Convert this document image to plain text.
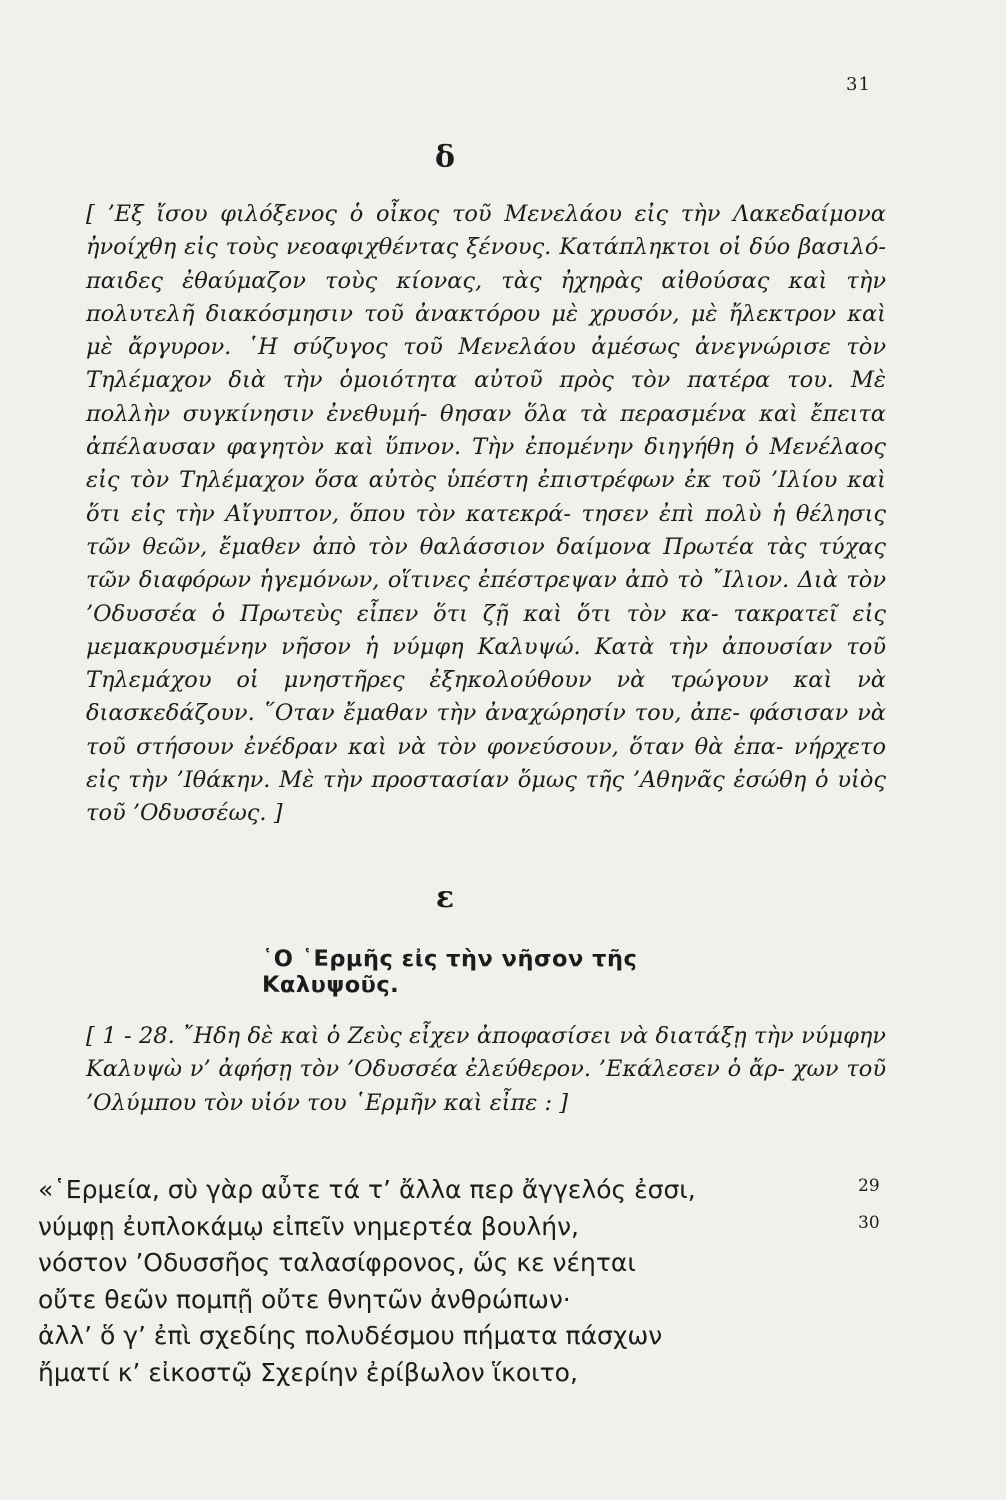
31
δ
[ ’Εξ ἴσου φιλόξενος ὁ οἶκος τοῦ Μενελάου εἰς τὴν Λακεδαίμονα ἠνοίχθη εἰς τοὺς νεοαφιχθέντας ξένους. Κατάπληκτοι οἱ δύο βασιλό- παιδες ἐθαύμαζον τοὺς κίονας, τὰς ἠχηρὰς αἰθούσας καὶ τὴν πολυτελῆ διακόσμησιν τοῦ ἀνακτόρου μὲ χρυσόν, μὲ ἤλεκτρον καὶ μὲ ἄργυρον. ῾Η σύζυγος τοῦ Μενελάου ἀμέσως ἀνεγνώρισε τὸν Τηλέμαχον διὰ τὴν ὁμοιότητα αὐτοῦ πρὸς τὸν πατέρα του. Μὲ πολλὴν συγκίνησιν ἐνεθυμή- θησαν ὅλα τὰ περασμένα καὶ ἔπειτα ἀπέλαυσαν φαγητὸν καὶ ὕπνον. Τὴν ἐπομένην διηγήθη ὁ Μενέλαος εἰς τὸν Τηλέμαχον ὅσα αὐτὸς ὑπέστη ἐπιστρέφων ἐκ τοῦ ’Ιλίου καὶ ὅτι εἰς τὴν Αἴγυπτον, ὅπου τὸν κατεκρά- τησεν ἐπὶ πολὺ ἡ θέλησις τῶν θεῶν, ἔμαθεν ἀπὸ τὸν θαλάσσιον δαίμονα Πρωτέα τὰς τύχας τῶν διαφόρων ἡγεμόνων, οἵτινες ἐπέστρεψαν ἀπὸ τὸ ῎Ιλιον. Διὰ τὸν ’Οδυσσέα ὁ Πρωτεὺς εἶπεν ὅτι ζῇ καὶ ὅτι τὸν κα- τακρατεῖ εἰς μεμακρυσμένην νῆσον ἡ νύμφη Καλυψώ. Κατὰ τὴν ἀπουσίαν τοῦ Τηλεμάχου οἱ μνηστῆρες ἐξηκολούθουν νὰ τρώγουν καὶ νὰ διασκεδάζουν. ῞Οταν ἔμαθαν τὴν ἀναχώρησίν του, ἀπε- φάσισαν νὰ τοῦ στήσουν ἐνέδραν καὶ νὰ τὸν φονεύσουν, ὅταν θὰ ἐπα- νήρχετο εἰς τὴν ’Ιθάκην. Μὲ τὴν προστασίαν ὅμως τῆς ’Αθηνᾶς ἐσώθη ὁ υἱὸς τοῦ ’Οδυσσέως. ]
ε
῾Ο ῾Ερμῆς εἰς τὴν νῆσον τῆς Καλυψοῦς.
[ 1 - 28. ῎Ηδη δὲ καὶ ὁ Ζεὺς εἶχεν ἀποφασίσει νὰ διατάξῃ τὴν νύμφην Καλυψὼ ν’ ἀφήσῃ τὸν ’Οδυσσέα ἐλεύθερον. ’Εκάλεσεν ὁ ἄρ- χων τοῦ ’Ολύμπου τὸν υἱόν του ῾Ερμῆν καὶ εἶπε : ]
«῾Ερμεία, σὺ γὰρ αὖτε τά τ’ ἄλλα περ ἄγγελός ἐσσι,	29
νύμφῃ ἐυπλοκάμῳ εἰπεῖν νημερτέα βουλήν,	30
νόστον ’Οδυσσῆος ταλασίφρονος, ὥς κε νέηται
οὔτε θεῶν πομπῇ οὔτε θνητῶν ἀνθρώπων·
ἀλλ’ ὅ γ’ ἐπὶ σχεδίης πολυδέσμου πήματα πάσχων
ἤματί κ’ εἰκοστῷ Σχερίην ἐρίβωλον ἵκοιτο,
